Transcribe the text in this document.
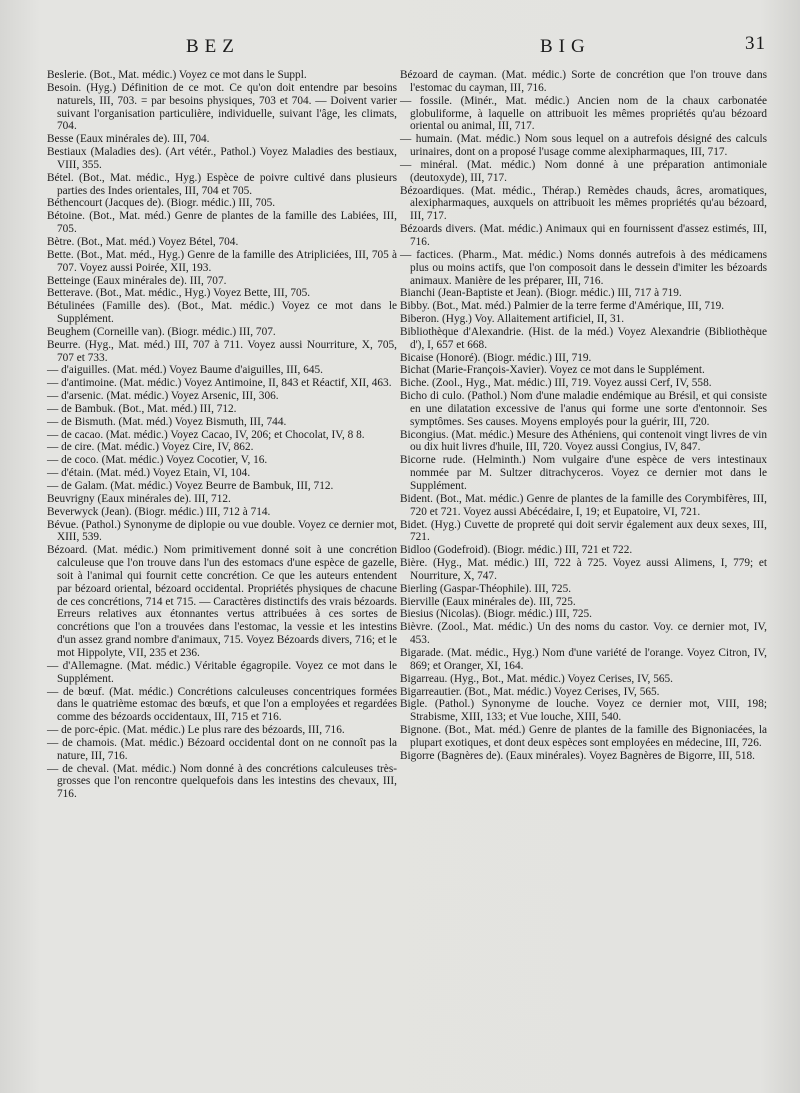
BEZ	BIG	31

Beslerie. (Bot., Mat. médic.) Voyez ce mot dans le Suppl.

Besoin. (Hyg.) Définition de ce mot. Ce qu'on doit entendre par besoins naturels, III, 703. = par besoins physiques, 703 et 704. — Doivent varier suivant l'organisation particulière, individuelle, suivant l'âge, les climats, 704.

Besse (Eaux minérales de). III, 704.

Bestiaux (Maladies des). (Art vétér., Pathol.) Voyez Maladies des bestiaux, VIII, 355.

Bétel. (Bot., Mat. médic., Hyg.) Espèce de poivre cultivé dans plusieurs parties des Indes orientales, III, 704 et 705.

Béthencourt (Jacques de). (Biogr. médic.) III, 705.

Bétoine. (Bot., Mat. méd.) Genre de plantes de la famille des Labiées, III, 705.

Bètre. (Bot., Mat. méd.) Voyez Bétel, 704.

Bette. (Bot., Mat. méd., Hyg.) Genre de la famille des Atripliciées, III, 705 à 707. Voyez aussi Poirée, XII, 193.

Betteinge (Eaux minérales de). III, 707.

Betterave. (Bot., Mat. médic., Hyg.) Voyez Bette, III, 705.

Bétulinées (Famille des). (Bot., Mat. médic.) Voyez ce mot dans le Supplément.

Beughem (Corneille van). (Biogr. médic.) III, 707.

Beurre. (Hyg., Mat. méd.) III, 707 à 711. Voyez aussi Nourriture, X, 705, 707 et 733.

— d'aiguilles. (Mat. méd.) Voyez Baume d'aiguilles, III, 645.

— d'antimoine. (Mat. médic.) Voyez Antimoine, II, 843 et Réactif, XII, 463.

— d'arsenic. (Mat. médic.) Voyez Arsenic, III, 306.

— de Bambuk. (Bot., Mat. méd.) III, 712.

— de Bismuth. (Mat. méd.) Voyez Bismuth, III, 744.

— de cacao. (Mat. médic.) Voyez Cacao, IV, 206; et Chocolat, IV, 8 8.

— de cire. (Mat. médic.) Voyez Cire, IV, 862.

— de coco. (Mat. médic.) Voyez Cocotier, V, 16.

— d'étain. (Mat. méd.) Voyez Etain, VI, 104.

— de Galam. (Mat. médic.) Voyez Beurre de Bambuk, III, 712.

Beuvrigny (Eaux minérales de). III, 712.

Beverwyck (Jean). (Biogr. médic.) III, 712 à 714.

Bévue. (Pathol.) Synonyme de diplopie ou vue double. Voyez ce dernier mot, XIII, 539.

Bézoard. (Mat. médic.) Nom primitivement donné soit à une concrétion calculeuse que l'on trouve dans l'un des estomacs d'une espèce de gazelle, soit à l'animal qui fournit cette concrétion. Ce que les auteurs entendent par bézoard oriental, bézoard occidental. Propriétés physiques de chacune de ces concrétions, 714 et 715. — Caractères distinctifs des vrais bézoards. Erreurs relatives aux étonnantes vertus attribuées à ces sortes de concrétions que l'on a trouvées dans l'estomac, la vessie et les intestins d'un assez grand nombre d'animaux, 715. Voyez Bézoards divers, 716; et le mot Hippolyte, VII, 235 et 236.

— d'Allemagne. (Mat. médic.) Véritable égagropile. Voyez ce mot dans le Supplément.

— de bœuf. (Mat. médic.) Concrétions calculeuses concentriques formées dans le quatrième estomac des bœufs, et que l'on a employées et regardées comme des bézoards occidentaux, III, 715 et 716.

— de porc-épic. (Mat. médic.) Le plus rare des bézoards, III, 716.

— de chamois. (Mat. médic.) Bézoard occidental dont on ne connoît pas la nature, III, 716.

— de cheval. (Mat. médic.) Nom donné à des concrétions calculeuses très-grosses que l'on rencontre quelquefois dans les intestins des chevaux, III, 716.

Bézoard de cayman. (Mat. médic.) Sorte de concrétion que l'on trouve dans l'estomac du cayman, III, 716.

— fossile. (Minér., Mat. médic.) Ancien nom de la chaux carbonatée globuliforme, à laquelle on attribuoit les mêmes propriétés qu'au bézoard oriental ou animal, III, 717.

— humain. (Mat. médic.) Nom sous lequel on a autrefois désigné des calculs urinaires, dont on a proposé l'usage comme alexipharmaques, III, 717.

— minéral. (Mat. médic.) Nom donné à une préparation antimoniale (deutoxyde), III, 717.

Bézoardiques. (Mat. médic., Thérap.) Remèdes chauds, âcres, aromatiques, alexipharmaques, auxquels on attribuoit les mêmes propriétés qu'au bézoard, III, 717.

Bézoards divers. (Mat. médic.) Animaux qui en fournissent d'assez estimés, III, 716.

— factices. (Pharm., Mat. médic.) Noms donnés autrefois à des médicamens plus ou moins actifs, que l'on composoit dans le dessein d'imiter les bézoards animaux. Manière de les préparer, III, 716.

Bianchi (Jean-Baptiste et Jean). (Biogr. médic.) III, 717 à 719.

Bibby. (Bot., Mat. méd.) Palmier de la terre ferme d'Amérique, III, 719.

Biberon. (Hyg.) Voy. Allaitement artificiel, II, 31.

Bibliothèque d'Alexandrie. (Hist. de la méd.) Voyez Alexandrie (Bibliothèque d'), I, 657 et 668.

Bicaise (Honoré). (Biogr. médic.) III, 719.

Bichat (Marie-François-Xavier). Voyez ce mot dans le Supplément.

Biche. (Zool., Hyg., Mat. médic.) III, 719. Voyez aussi Cerf, IV, 558.

Bicho di culo. (Pathol.) Nom d'une maladie endémique au Brésil, et qui consiste en une dilatation excessive de l'anus qui forme une sorte d'entonnoir. Ses symptômes. Ses causes. Moyens employés pour la guérir, III, 720.

Bicongius. (Mat. médic.) Mesure des Athéniens, qui contenoit vingt livres de vin ou dix huit livres d'huile, III, 720. Voyez aussi Congius, IV, 847.

Bicorne rude. (Helminth.) Nom vulgaire d'une espèce de vers intestinaux nommée par M. Sultzer ditrachyceros. Voyez ce dernier mot dans le Supplément.

Bident. (Bot., Mat. médic.) Genre de plantes de la famille des Corymbifères, III, 720 et 721. Voyez aussi Abécédaire, I, 19; et Eupatoire, VI, 721.

Bidet. (Hyg.) Cuvette de propreté qui doit servir également aux deux sexes, III, 721.

Bidloo (Godefroid). (Biogr. médic.) III, 721 et 722.

Bière. (Hyg., Mat. médic.) III, 722 à 725. Voyez aussi Alimens, I, 779; et Nourriture, X, 747.

Bierling (Gaspar-Théophile). III, 725.

Bierville (Eaux minérales de). III, 725.

Biesius (Nicolas). (Biogr. médic.) III, 725.

Bièvre. (Zool., Mat. médic.) Un des noms du castor. Voy. ce dernier mot, IV, 453.

Bigarade. (Mat. médic., Hyg.) Nom d'une variété de l'orange. Voyez Citron, IV, 869; et Oranger, XI, 164.

Bigarreau. (Hyg., Bot., Mat. médic.) Voyez Cerises, IV, 565.

Bigarreautier. (Bot., Mat. médic.) Voyez Cerises, IV, 565.

Bigle. (Pathol.) Synonyme de louche. Voyez ce dernier mot, VIII, 198; Strabisme, XIII, 133; et Vue louche, XIII, 540.

Bignone. (Bot., Mat. méd.) Genre de plantes de la famille des Bignoniacées, la plupart exotiques, et dont deux espèces sont employées en médecine, III, 726.

Bigorre (Bagnères de). (Eaux minérales). Voyez Bagnères de Bigorre, III, 518.
